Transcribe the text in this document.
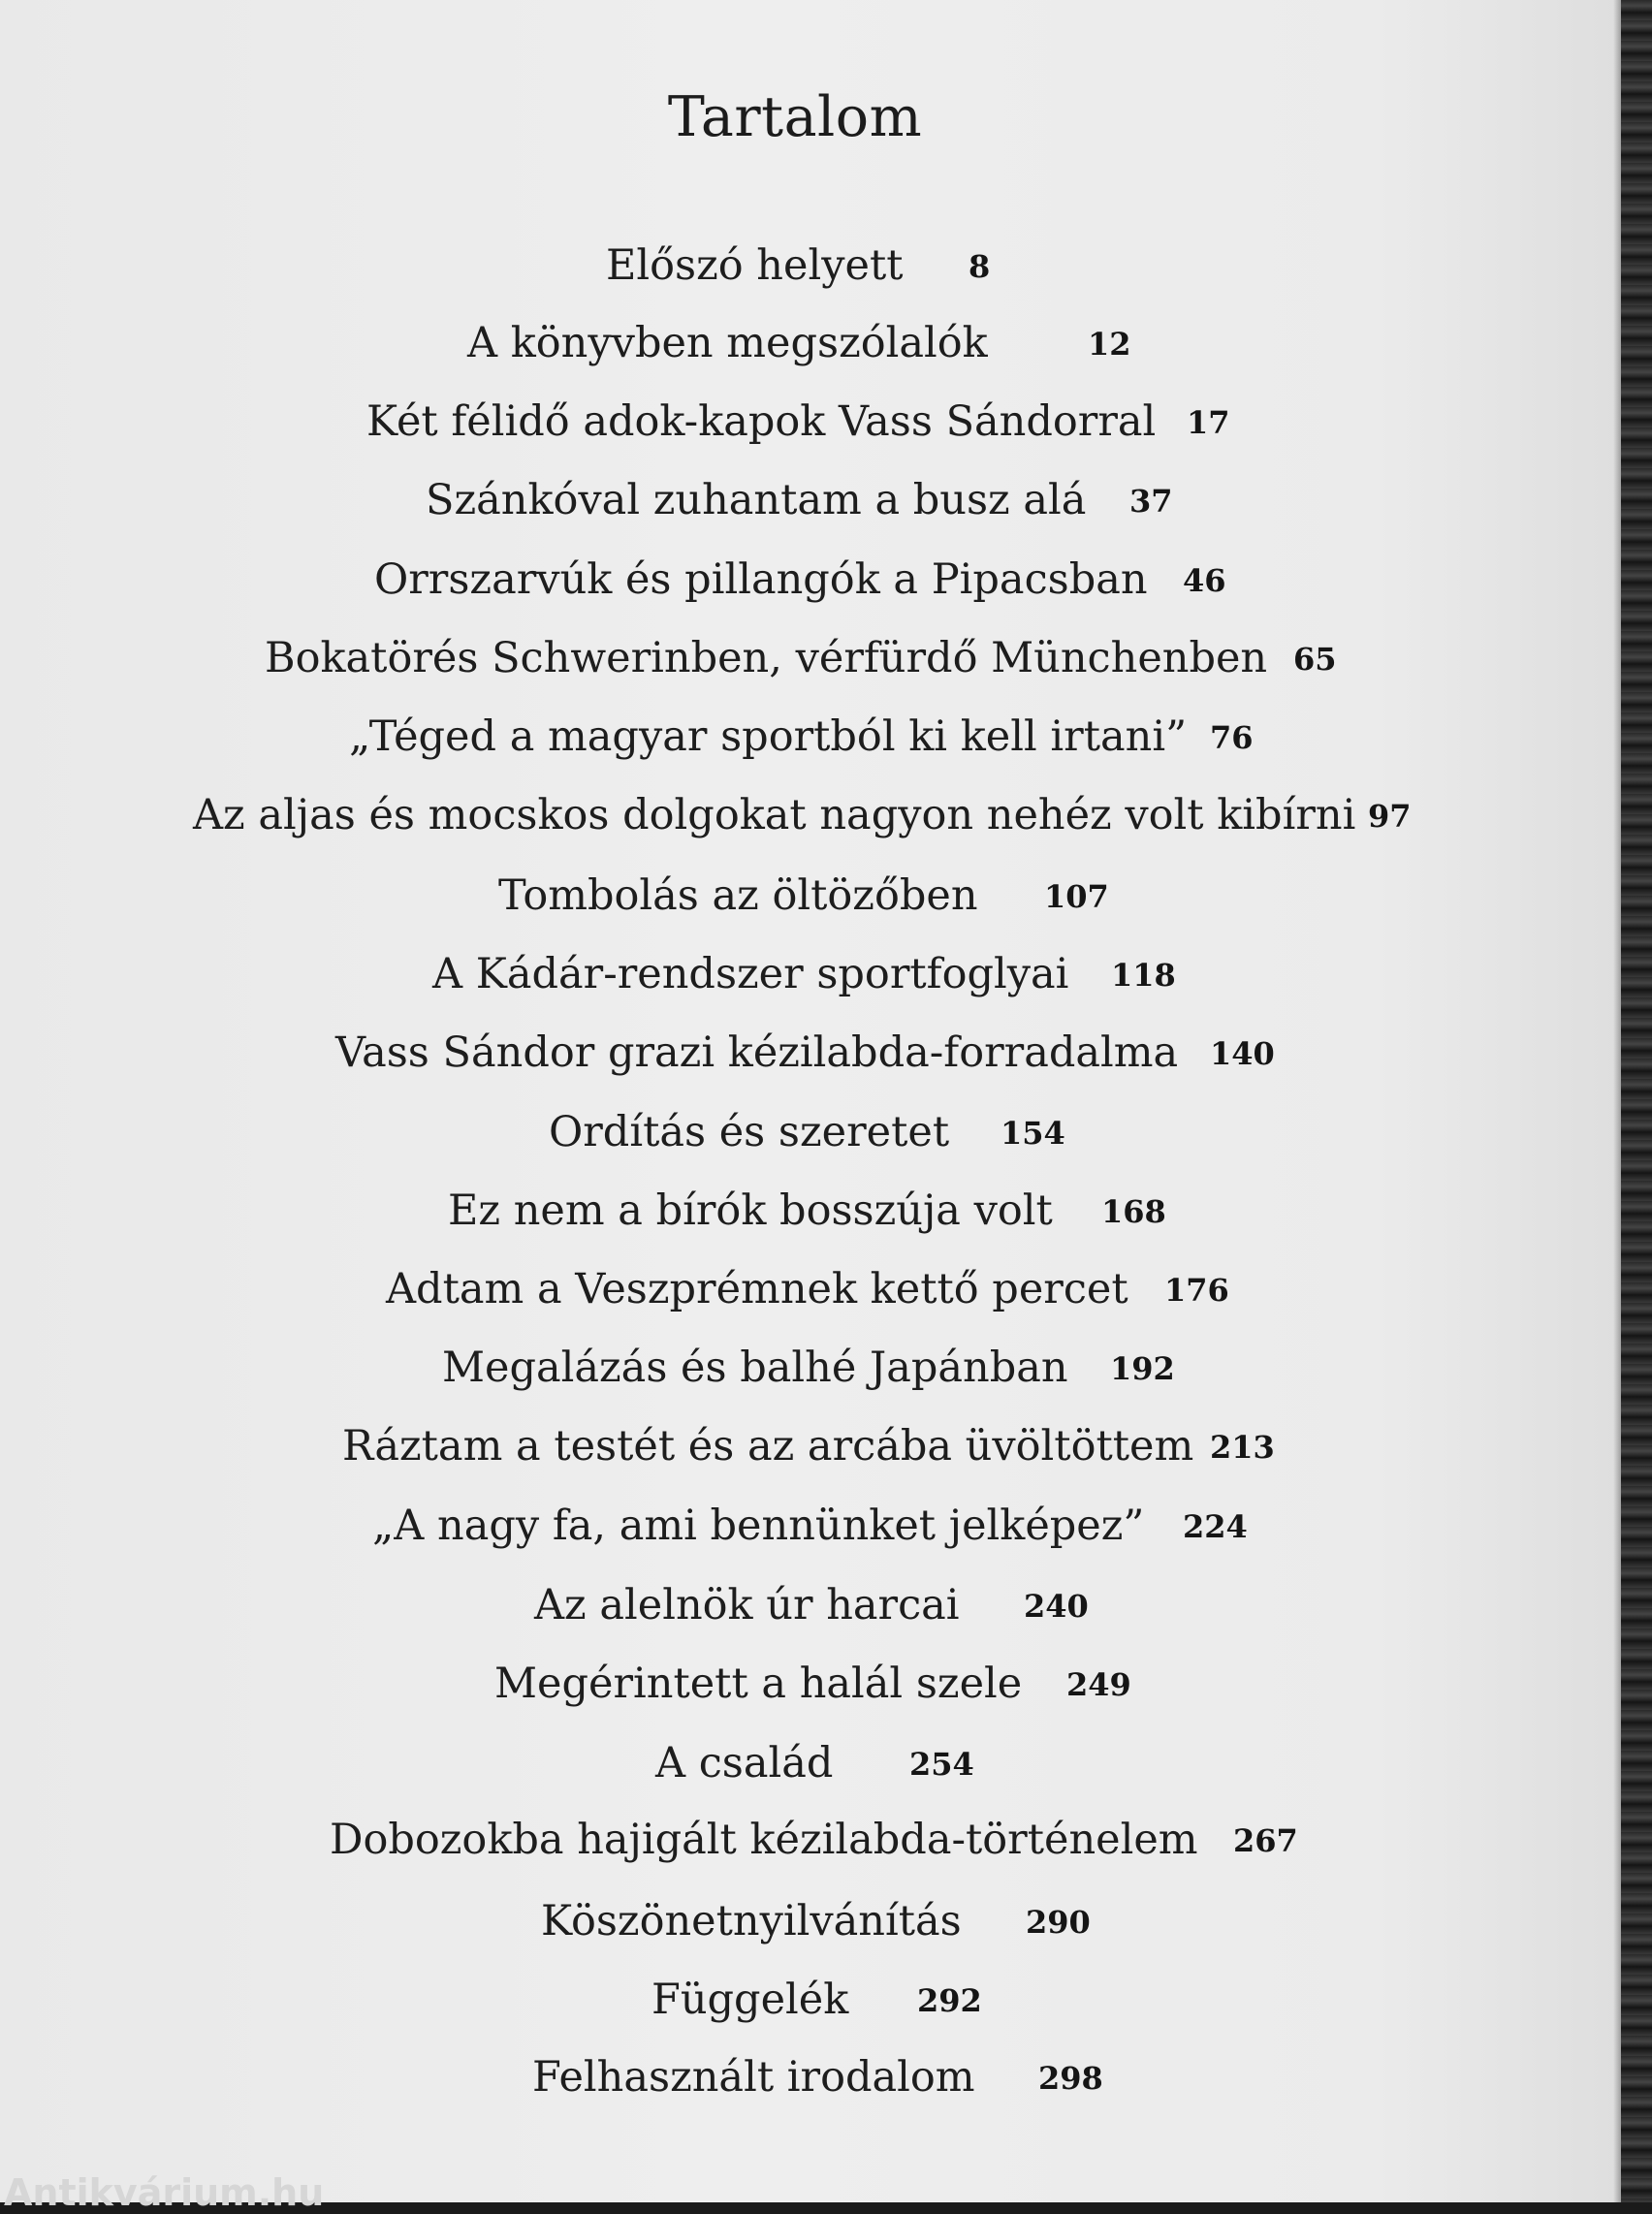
Tartalom
Előszó helyett 8
A könyvben megszólalók	12
Két félidő adok-kapok Vass Sándorral 17
Szánkóval zuhantam a busz alá 37
Orrszarvúk és pillangók a Pipacsban 46
Bokatörés Schwerinben, vérfürdő Münchenben 65
„Téged a magyar sportból ki kell irtani” 76
Az aljas és mocskos dolgokat nagyon nehéz volt kibírni 97
Tombolás az öltözőben 107
A Kádár-rendszer sportfoglyai 118
Vass Sándor grazi kézilabda-forradalma 140
Ordítás és szeretet 154
Ez nem a bírók bosszúja volt 168
Adtam a Veszprémnek kettő percet 176
Megalázás és balhé Japánban 192
Ráztam a testét és az arcába üvöltöttem 213
„A nagy fa, ami bennünket jelképez” 224
Az alelnök úr harcai 240
Megérintett a halál szele 249
A család 254
Dobozokba hajigált kézilabda-történelem 267
Köszönetnyilvánítás 290
Függelék 292
Felhasznált irodalom 298
Antikvárium.hu
